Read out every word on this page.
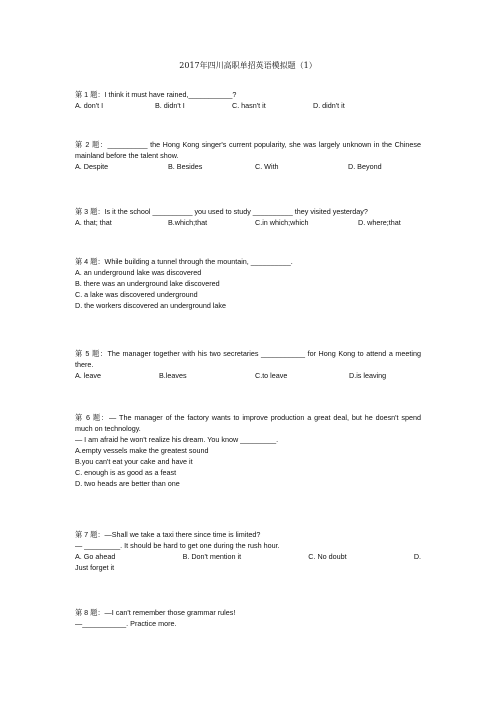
2017年四川高职单招英语模拟题（1）
第 1 题：I think it must have rained,___________?
A. don't I	B. didn't I	C. hasn't it	D. didn't it
第 2 题：__________ the Hong Kong singer's current popularity, she was largely unknown in the Chinese mainland before the talent show.
A. Despite	B. Besides	C. With	D. Beyond
第 3 题：Is it the school __________ you used to study __________ they visited yesterday?
A. that; that	B.which;that	C.in which;which	D. where;that
第 4 题：While building a tunnel through the mountain, __________.
A. an underground lake was discovered
B. there was an underground lake discovered
C. a lake was discovered underground
D. the workers discovered an underground lake
第 5 题：The manager together with his two secretaries ___________ for Hong Kong to attend a meeting there.
A. leave	B.leaves	C.to leave	D.is leaving
第 6 题：— The manager of the factory wants to improve production a great deal, but he doesn't spend much on technology.
— I am afraid he won't realize his dream. You know _________.
A.empty vessels make the greatest sound
B.you can't eat your cake and have it
C. enough is as good as a feast
D. two heads are better than one
第 7 题：—Shall we take a taxi there since time is limited?
— _________. It should be hard to get one during the rush hour.
A. Go ahead	B. Don't mention it	C. No doubt	D.
Just forget it
第 8 题：—I can't remember those grammar rules!
—___________. Practice more.
